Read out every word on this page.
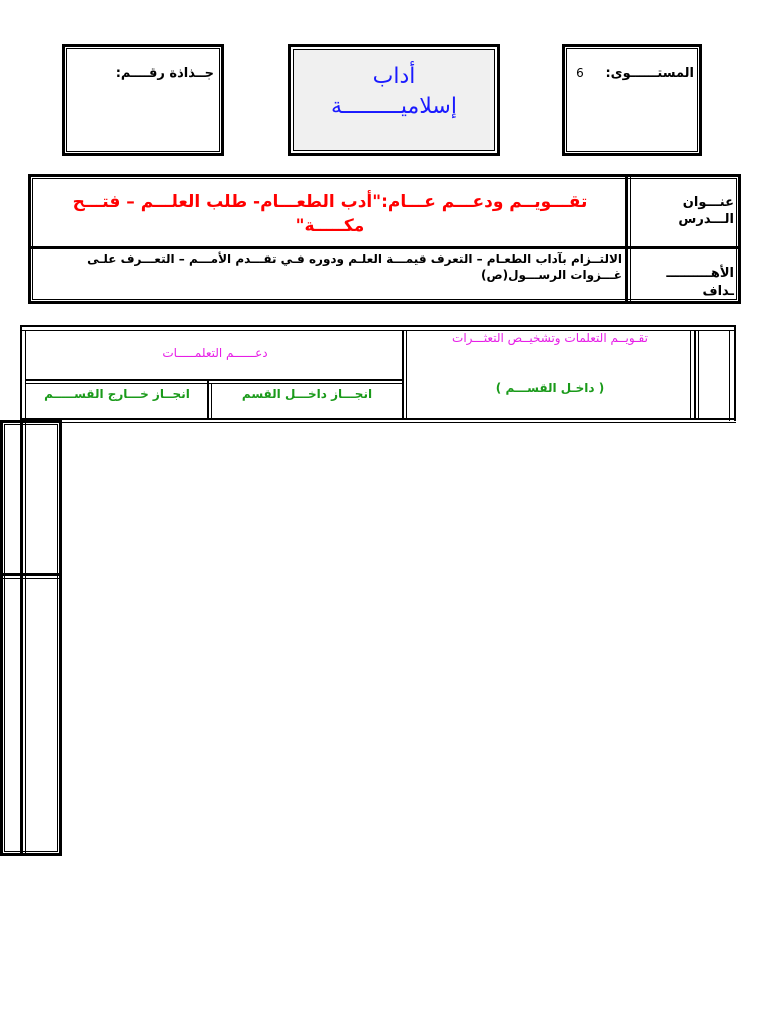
جــذاذة رقــــم:	أداب
إسلاميـــــــــة
المستــــــوى:
6
عنـــوان
الـــدرس
تقـــويــم ودعـــم عـــام:"أدب الطعـــام- طلب العلـــم – فتـــح مكـــــة"
الأهــــــــــ
ـداف
الالتــزام بآداب الطعـام – التعرف قيمـــة العلـم ودوره فـي تقـــدم الأمـــم – التعـــرف علـى غـــزوات الرســـول(ص)
تقـويــم التعلمات وتشخيــص التعثـــرات
( داخـل القســـم )
دعــــــم التعلمـــــات
انجـــاز داخـــل القسم
انجــاز خـــارج القســـــم
